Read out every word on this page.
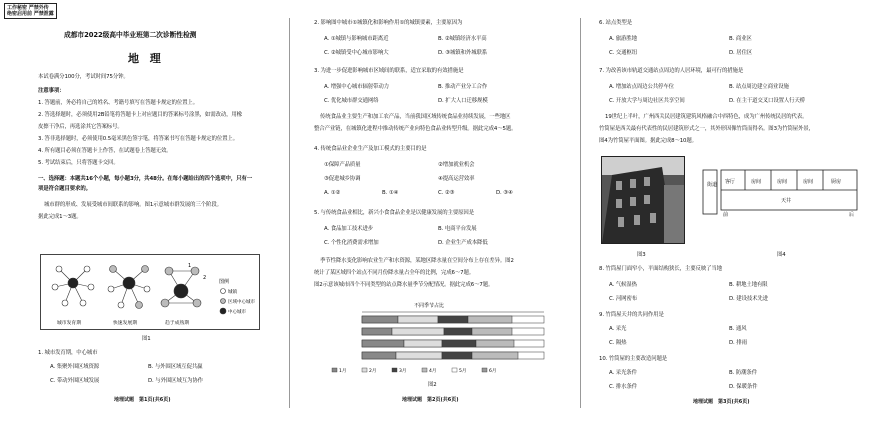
工作秘密 严禁外传
绝密启用前 严禁泄露
成都市2022级高中毕业班第二次诊断性检测
地　理
本试卷满分100分，考试时间75分钟。
注意事项：
1. 答题前，务必将自己的姓名、考籍号填写在答题卡规定的位置上。
2. 答选择题时，必须使用2B铅笔将答题卡上对应题目的答案标号涂黑，如需改动，用橡
皮擦干净后，再选涂其它答案标号。
3. 答非选择题时，必须使用0.5毫米黑色签字笔，将答案书写在答题卡规定的位置上。
4. 所有题目必须在答题卡上作答，在试题卷上答题无效。
5. 考试结束后，只将答题卡交回。
一、选择题：本题共16个小题，每小题3分，共48分。在每小题给出的四个选项中，只有一
项是符合题目要求的。
城市群的形成、发展受城市间联系的影响。图1示意城市群发展的三个阶段。
据此完成1～3题。
1
2
图例
城镇
区域中心城市
中心城市
城市发育期	快速发展期	趋于成熟期
图1
1. 城市发育期，中心城市
A. 集聚外围区域资源	B. 与外围区域互促共赢
C. 带动外围区域发展	D. 与外围区域互为协作
地理试题　第1页(共6页)
2. 影响图中城市①城镇化和影响作用①的城镇要素，主要原因为
A. ①城镇与影响城市距离近	B. ②城镇经济水平高
C. ②城镇受中心城市影响大	D. ③城镇和外城联系
3. 为进一步促进影响城市区域间的联系，适宜采取的有效措施是
A. 增强中心城市辐射带动力	B. 推动产业分工合作
C. 优化城市群交通网络	D. 扩大人口迁移规模
传统食品业主要生产和加工农产品，当前我国区域传统食品业持续发展，一些地区
整合产业链，在城镇化进程中推动传统产业向特色食品业转型升级。据此完成4～5题。
4. 传统食品业企业生产及加工模式的主要目的是
①保障产品质量	②增加就业机会
③促进城乡协调	④提高运营效率
A. ①②	B. ①④	C. ②③	D. ③④
5. 与传统食品业相比，新兴小食食品企业是以健康发展的主要原因是
A. 食品加工技术进步	B. 电商平台发展
C. 个性化消费需求增加	D. 企业生产成本降低
季节性降水变化影响农业生产和水资源，某地区降水量在空间分布上存在差异。图2
统计了某区域四个站点不同月份降水量占全年的比例，完成6～7题。
图2示意该城市四个不同类型的站点降水量季节分配情况。据此完成6～7题。
不同季节占比
1月	2月	3月	4月	5月	6月
图2
地理试题　第2页(共6页)
6. 站点类型是
A. 旅游胜地	B. 商业区
C. 交通枢纽	D. 居住区
7. 为改善该市轨道交通站点周边的人居环境，最可行的措施是
A. 增加站点周边公共停车位	B. 站点周边建立商业设施
C. 开放大学与周边社区共享空间	D. 在主干道交叉口设置人行天桥
19世纪上半叶，广州西关民居建筑建筑风格融合中西特色，成为广州传统民居的代表。
竹筒屋是西关最有代表性的民居建筑形式之一，其外形因像竹筒而得名。图3为竹筒屋外景，
图4为竹筒屋平面图。据此完成8～10题。
图3
街道 客厅	房间	房间	房间	厨房
天井
前	后
图4
8. 竹筒屋门面窄小，平面结构狭长，主要反映了当地
A. 气候湿热	B. 耕地土地有限
C. 河网密布	D. 建设技术先进
9. 竹筒屋天井的共同作用是
A. 采光	B. 通风
C. 隔热	D. 排雨
10. 竹筒屋的主要改造问题是
A. 采光条件	B. 防潮条件
C. 排水条件	D. 保暖条件
地理试题　第3页(共6页)
